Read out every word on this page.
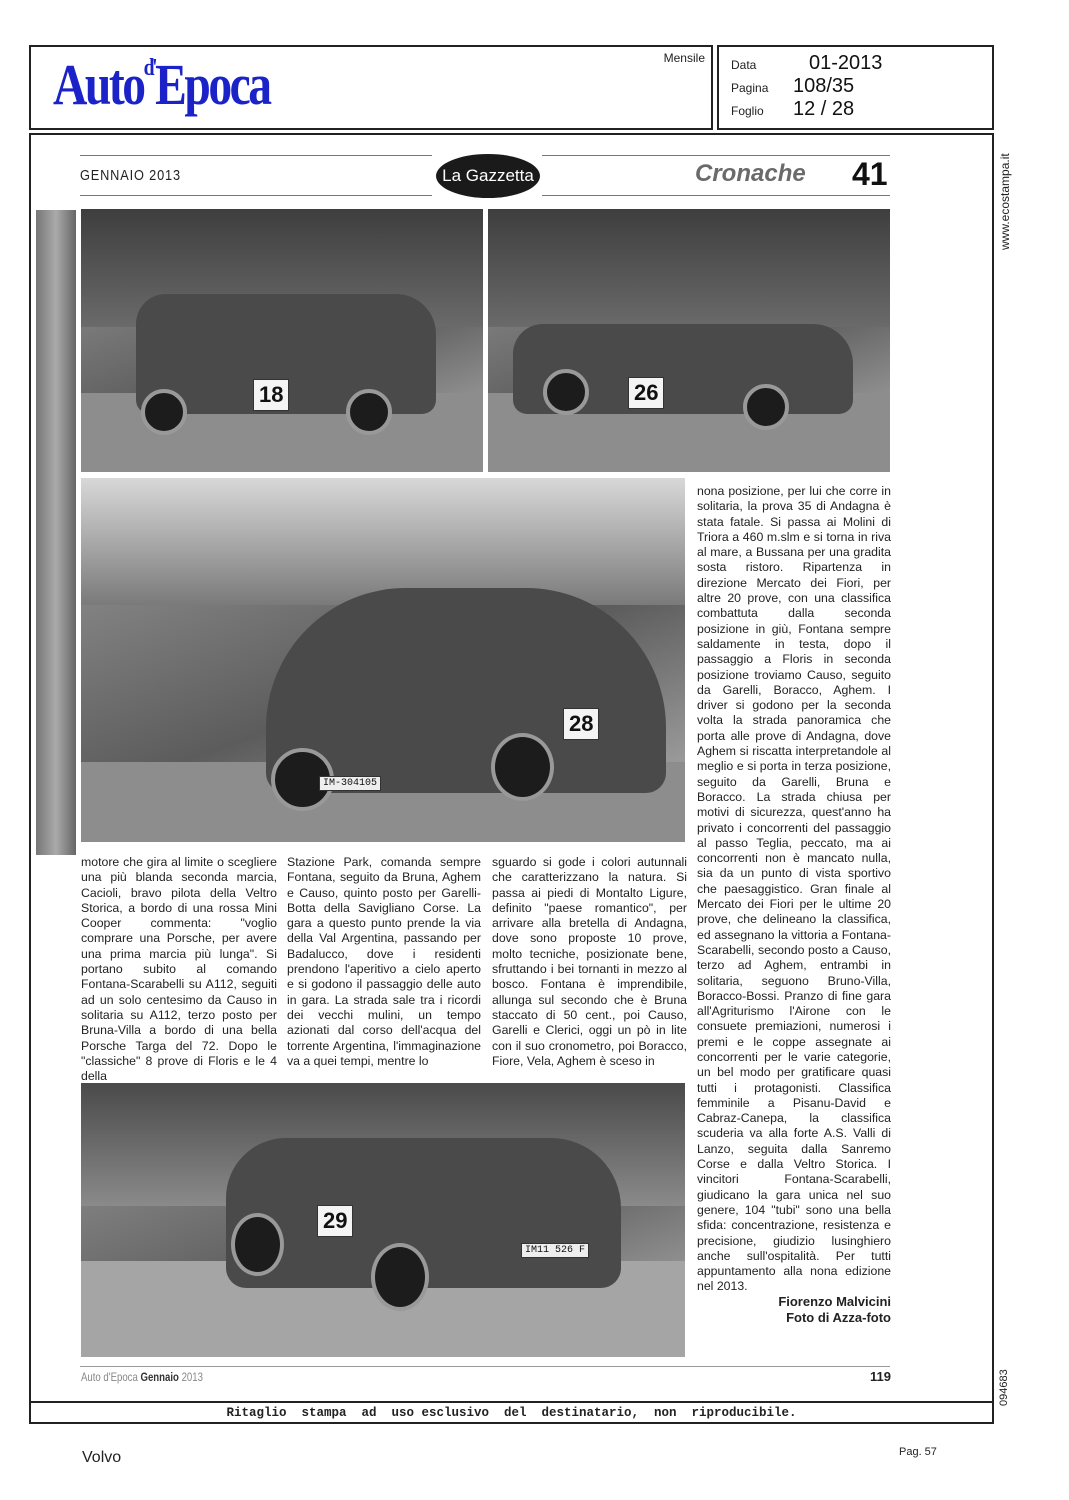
Auto$^{d'}$Epoca	Mensile Data	01-2013
Pagina 108/35
Foglio 12 / 28
GENNAIO 2013	La Gazzetta	Cronache 41
18	26
28
IM-304105
29
IM11 526 F
motore che gira al limite o scegliere una più blanda seconda marcia, Cacioli, bravo pilota della Veltro Storica, a bordo di una rossa Mini Cooper commenta: "voglio comprare una Porsche, per avere una prima marcia più lunga". Si portano subito al comando Fontana-Scarabelli su A112, seguiti ad un solo centesimo da Causo in solitaria su A112, terzo posto per Bruna-Villa a bordo di una bella Porsche Targa del 72. Dopo le "classiche" 8 prove di Floris e le 4 della
Stazione Park, comanda sempre Fontana, seguito da Bruna, Aghem e Causo, quinto posto per Garelli-Botta della Savigliano Corse. La gara a questo punto prende la via della Val Argentina, passando per Badalucco, dove i residenti prendono l'aperitivo a cielo aperto e si godono il passaggio delle auto in gara. La strada sale tra i ricordi dei vecchi mulini, un tempo azionati dal corso dell'acqua del torrente Argentina, l'immaginazione va a quei tempi, mentre lo
sguardo si gode i colori autunnali che caratterizzano la natura. Si passa ai piedi di Montalto Ligure, definito "paese romantico", per arrivare alla bretella di Andagna, dove sono proposte 10 prove, molto tecniche, posizionate bene, sfruttando i bei tornanti in mezzo al bosco. Fontana è imprendibile, allunga sul secondo che è Bruna staccato di 50 cent., poi Causo, Garelli e Clerici, oggi un pò in lite con il suo cronometro, poi Boracco, Fiore, Vela, Aghem è sceso in
nona posizione, per lui che corre in solitaria, la prova 35 di Andagna è stata fatale. Si passa ai Molini di Triora a 460 m.slm e si torna in riva al mare, a Bussana per una gradita sosta ristoro. Ripartenza in direzione Mercato dei Fiori, per altre 20 prove, con una classifica combattuta dalla seconda posizione in giù, Fontana sempre saldamente in testa, dopo il passaggio a Floris in seconda posizione troviamo Causo, seguito da Garelli, Boracco, Aghem. I driver si godono per la seconda volta la strada panoramica che porta alle prove di Andagna, dove Aghem si riscatta interpretandole al meglio e si porta in terza posizione, seguito da Garelli, Bruna e Boracco. La strada chiusa per motivi di sicurezza, quest'anno ha privato i concorrenti del passaggio al passo Teglia, peccato, ma ai concorrenti non è mancato nulla, sia da un punto di vista sportivo che paesaggistico. Gran finale al Mercato dei Fiori per le ultime 20 prove, che delineano la classifica, ed assegnano la vittoria a Fontana-Scarabelli, secondo posto a Causo, terzo ad Aghem, entrambi in solitaria, seguono Bruno-Villa, Boracco-Bossi. Pranzo di fine gara all'Agriturismo l'Airone con le consuete premiazioni, numerosi i premi e le coppe assegnate ai concorrenti per le varie categorie, un bel modo per gratificare quasi tutti i protagonisti. Classifica femminile a Pisanu-David e Cabraz-Canepa, la classifica scuderia va alla forte A.S. Valli di Lanzo, seguita dalla Sanremo Corse e dalla Veltro Storica. I vincitori Fontana-Scarabelli, giudicano la gara unica nel suo genere, 104 "tubi" sono una bella sfida: concentrazione, resistenza e precisione, giudizio lusinghiero anche sull'ospitalità. Per tutti appuntamento alla nona edizione nel 2013.
Fiorenzo Malvicini
Foto di Azza-foto
Auto d'Epoca Gennaio 2013	119
Ritaglio  stampa  ad  uso esclusivo  del  destinatario,  non  riproducibile.
www.ecostampa.it
094683
Volvo	Pag. 57
